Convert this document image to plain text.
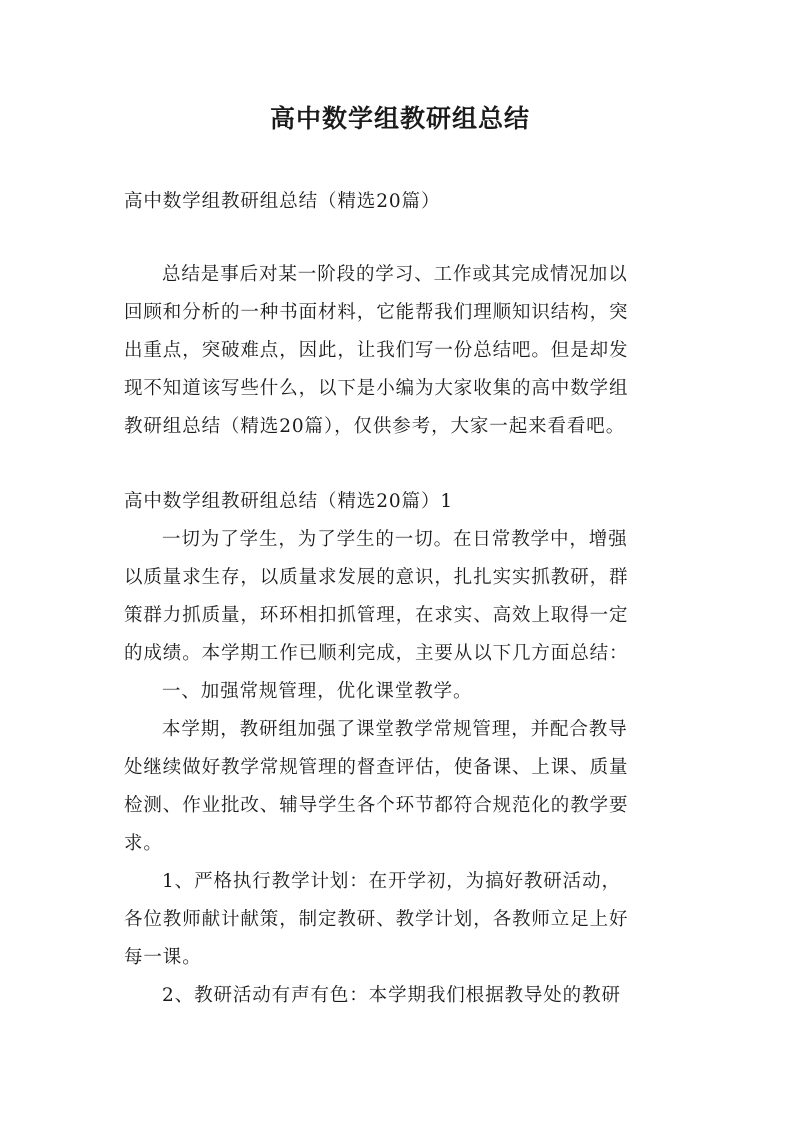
高中数学组教研组总结

高中数学组教研组总结（精选20篇）

总结是事后对某一阶段的学习、工作或其完成情况加以

回顾和分析的一种书面材料，它能帮我们理顺知识结构，突

出重点，突破难点，因此，让我们写一份总结吧。但是却发

现不知道该写些什么，以下是小编为大家收集的高中数学组

教研组总结（精选20篇），仅供参考，大家一起来看看吧。

高中数学组教研组总结（精选20篇）1

一切为了学生，为了学生的一切。在日常教学中，增强

以质量求生存，以质量求发展的意识，扎扎实实抓教研，群

策群力抓质量，环环相扣抓管理，在求实、高效上取得一定

的成绩。本学期工作已顺利完成，主要从以下几方面总结：

一、加强常规管理，优化课堂教学。

本学期，教研组加强了课堂教学常规管理，并配合教导

处继续做好教学常规管理的督查评估，使备课、上课、质量

检测、作业批改、辅导学生各个环节都符合规范化的教学要

求。

1、严格执行教学计划：在开学初，为搞好教研活动，

各位教师献计献策，制定教研、教学计划，各教师立足上好

每一课。

2、教研活动有声有色：本学期我们根据教导处的教研
